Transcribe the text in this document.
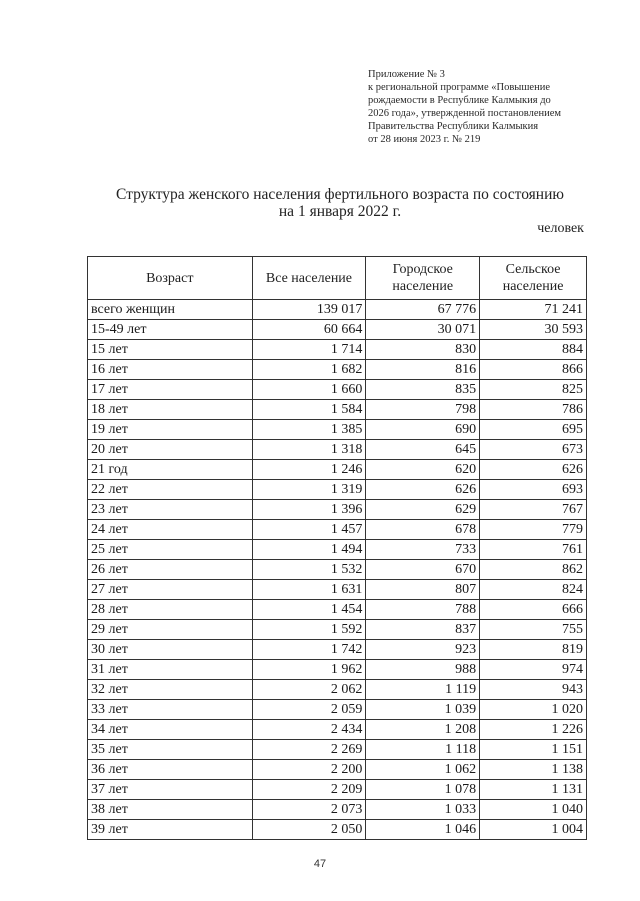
Приложение № 3
к региональной программе «Повышение
рождаемости в Республике Калмыкия до
2026 года», утвержденной постановлением
Правительства Республики Калмыкия
от 28 июня 2023 г. № 219
Структура женского населения фертильного возраста по состоянию
на 1 января 2022 г.
человек
Возраст	Все население	Городское население	Сельское население
всего женщин	139 017	67 776	71 241
15-49 лет	60 664	30 071	30 593
15 лет	1 714	830	884
16 лет	1 682	816	866
17 лет	1 660	835	825
18 лет	1 584	798	786
19 лет	1 385	690	695
20 лет	1 318	645	673
21 год	1 246	620	626
22 лет	1 319	626	693
23 лет	1 396	629	767
24 лет	1 457	678	779
25 лет	1 494	733	761
26 лет	1 532	670	862
27 лет	1 631	807	824
28 лет	1 454	788	666
29 лет	1 592	837	755
30 лет	1 742	923	819
31 лет	1 962	988	974
32 лет	2 062	1 119	943
33 лет	2 059	1 039	1 020
34 лет	2 434	1 208	1 226
35 лет	2 269	1 118	1 151
36 лет	2 200	1 062	1 138
37 лет	2 209	1 078	1 131
38 лет	2 073	1 033	1 040
39 лет	2 050	1 046	1 004
47
